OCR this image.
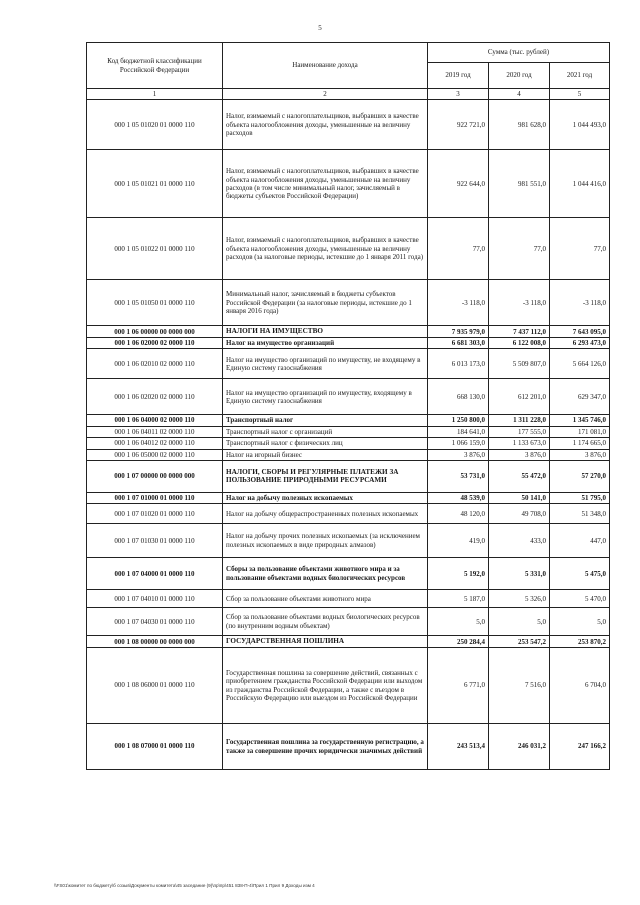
5
Код бюджетной классификации Российской Федерации	Наименование дохода	Сумма (тыс. рублей)		
		2019 год	2020 год	2021 год
1	2	3	4	5
000 1 05 01020 01 0000 110	Налог, взимаемый с налогоплательщиков, выбравших в качестве объекта налогообложения доходы, уменьшенные на величину расходов	922 721,0	981 628,0	1 044 493,0
000 1 05 01021 01 0000 110	Налог, взимаемый с налогоплательщиков, выбравших в качестве объекта налогообложения доходы, уменьшенные на величину расходов (в том числе минимальный налог, зачисляемый в бюджеты субъектов Российской Федерации)	922 644,0	981 551,0	1 044 416,0
000 1 05 01022 01 0000 110	Налог, взимаемый с налогоплательщиков, выбравших в качестве объекта налогообложения доходы, уменьшенные на величину расходов (за налоговые периоды, истекшие до 1 января 2011 года)	77,0	77,0	77,0
000 1 05 01050 01 0000 110	Минимальный налог, зачисляемый в бюджеты субъектов Российской Федерации (за налоговые периоды, истекшие до 1 января 2016 года)	-3 118,0	-3 118,0	-3 118,0
000 1 06 00000 00 0000 000	НАЛОГИ НА ИМУЩЕСТВО	7 935 979,0	7 437 112,0	7 643 095,0
000 1 06 02000 02 0000 110	Налог на имущество организаций	6 681 303,0	6 122 008,0	6 293 473,0
000 1 06 02010 02 0000 110	Налог на имущество организаций по имуществу, не входящему в Единую систему газоснабжения	6 013 173,0	5 509 807,0	5 664 126,0
000 1 06 02020 02 0000 110	Налог на имущество организаций по имуществу, входящему в Единую систему газоснабжения	668 130,0	612 201,0	629 347,0
000 1 06 04000 02 0000 110	Транспортный налог	1 250 800,0	1 311 228,0	1 345 746,0
000 1 06 04011 02 0000 110	Транспортный налог с организаций	184 641,0	177 555,0	171 081,0
000 1 06 04012 02 0000 110	Транспортный налог с физических лиц	1 066 159,0	1 133 673,0	1 174 665,0
000 1 06 05000 02 0000 110	Налог на игорный бизнес	3 876,0	3 876,0	3 876,0
000 1 07 00000 00 0000 000	НАЛОГИ, СБОРЫ И РЕГУЛЯРНЫЕ ПЛАТЕЖИ ЗА ПОЛЬЗОВАНИЕ ПРИРОДНЫМИ РЕСУРСАМИ	53 731,0	55 472,0	57 270,0
000 1 07 01000 01 0000 110	Налог на добычу полезных ископаемых	48 539,0	50 141,0	51 795,0
000 1 07 01020 01 0000 110	Налог на добычу общераспространенных полезных ископаемых	48 120,0	49 708,0	51 348,0
000 1 07 01030 01 0000 110	Налог на добычу прочих полезных ископаемых (за исключением полезных ископаемых в виде природных алмазов)	419,0	433,0	447,0
000 1 07 04000 01 0000 110	Сборы за пользование объектами животного мира и за пользование объектами водных биологических ресурсов	5 192,0	5 331,0	5 475,0
000 1 07 04010 01 0000 110	Сбор за пользование объектами животного мира	5 187,0	5 326,0	5 470,0
000 1 07 04030 01 0000 110	Сбор за пользование объектами водных биологических ресурсов (по внутренним водным объектам)	5,0	5,0	5,0
000 1 08 00000 00 0000 000	ГОСУДАРСТВЕННАЯ ПОШЛИНА	250 284,4	253 547,2	253 870,2
000 1 08 06000 01 0000 110	Государственная пошлина за совершение действий, связанных с приобретением гражданства Российской Федерации или выходом из гражданства Российской Федерации, а также с въездом в Российскую Федерацию или выездом из Российской Федерации	6 771,0	7 516,0	6 704,0
000 1 08 07000 01 0000 110	Государственная пошлина за государственную регистрацию, а также за совершение прочих юридически значимых действий	243 513,4	246 031,2	247 166,2
\\FS01\комитет по бюджету\б созыв\Документы комитета\45 заседание (9)\пр\пр\451 838-П-4\Прил 1 Прил 9 Доходы изм 4
